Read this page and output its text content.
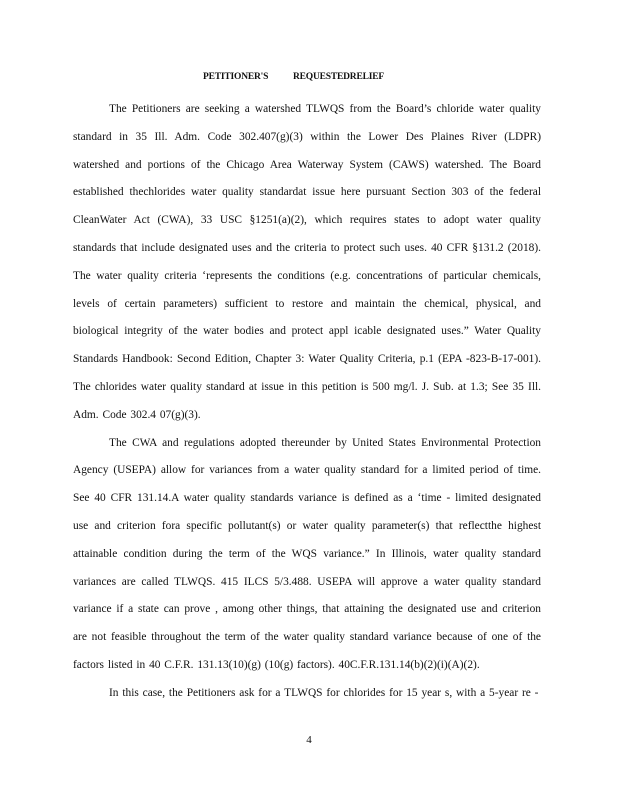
PETITIONER'S	REQUESTEDRELIEF

The Petitioners are seeking a watershed TLWQS from the Board’s chloride water quality standard in 35 Ill. Adm. Code 302.407(g)(3) within the Lower Des Plaines River (LDPR) watershed and portions of the Chicago Area Waterway System (CAWS) watershed. The Board established thechlorides water quality standardat issue here pursuant Section 303 of the federal CleanWater Act (CWA), 33 USC §1251(a)(2), which requires states to adopt water quality standards that include designated uses and the criteria to protect such uses. 40 CFR §131.2 (2018). The water quality criteria ‘represents the conditions (e.g. concentrations of particular chemicals, levels of certain parameters) sufficient to restore and maintain the chemical, physical, and biological integrity of the water bodies and protect appl icable designated uses.” Water Quality Standards Handbook: Second Edition, Chapter 3: Water Quality Criteria, p.1 (EPA -823-B-17-001). The chlorides water quality standard at issue in this petition is 500 mg/l. J. Sub. at 1.3; See 35 Ill. Adm. Code 302.4 07(g)(3).

The CWA and regulations adopted thereunder by United States Environmental Protection Agency (USEPA) allow for variances from a water quality standard for a limited period of time. See 40 CFR 131.14.A water quality standards variance is defined as a ‘time - limited designated use and criterion fora specific pollutant(s) or water quality parameter(s) that reflectthe highest attainable condition during the term of the WQS variance.” In Illinois, water quality standard variances are called TLWQS. 415 ILCS 5/3.488. USEPA will approve a water quality standard variance if a state can prove , among other things, that attaining the designated use and criterion are not feasible throughout the term of the water quality standard variance because of one of the factors listed in 40 C.F.R. 131.13(10)(g) (10(g) factors). 40C.F.R.131.14(b)(2)(i)(A)(2).

In this case, the Petitioners ask for a TLWQS for chlorides for 15 year s, with a 5-year re -

4
